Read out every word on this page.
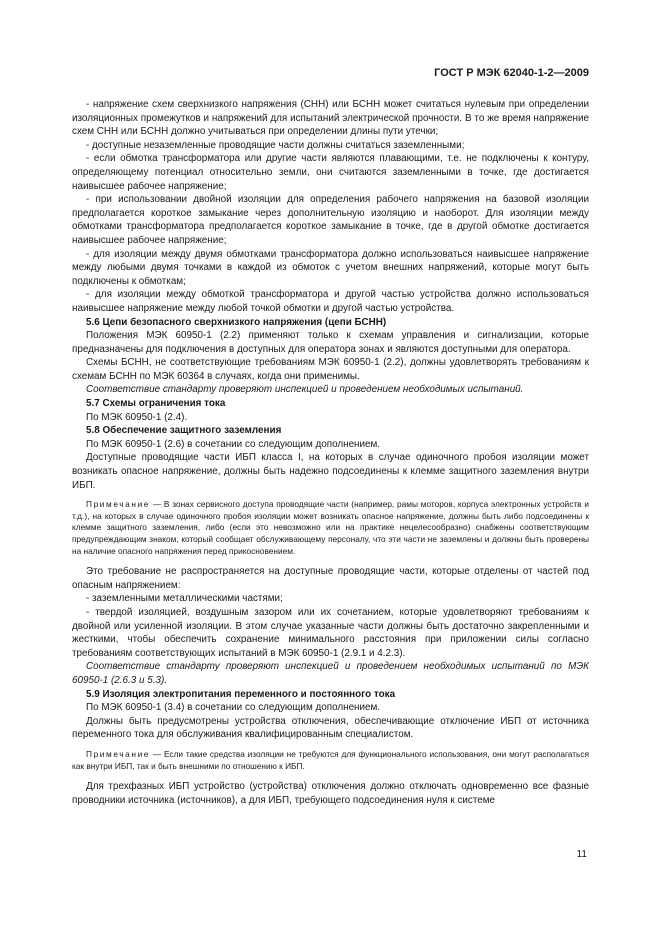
ГОСТ Р МЭК 62040-1-2—2009

- напряжение схем сверхнизкого напряжения (СНН) или БСНН может считаться нулевым при определении изоляционных промежутков и напряжений для испытаний электрической прочности. В то же время напряжение схем СНН или БСНН должно учитываться при определении длины пути утечки;

- доступные незаземленные проводящие части должны считаться заземленными;

- если обмотка трансформатора или другие части являются плавающими, т.е. не подключены к контуру, определяющему потенциал относительно земли, они считаются заземленными в точке, где достигается наивысшее рабочее напряжение;

- при использовании двойной изоляции для определения рабочего напряжения на базовой изоляции предполагается короткое замыкание через дополнительную изоляцию и наоборот. Для изоляции между обмотками трансформатора предполагается короткое замыкание в точке, где в другой обмотке достигается наивысшее рабочее напряжение;

- для изоляции между двумя обмотками трансформатора должно использоваться наивысшее напряжение между любыми двумя точками в каждой из обмоток с учетом внешних напряжений, которые могут быть подключены к обмоткам;

- для изоляции между обмоткой трансформатора и другой частью устройства должно использоваться наивысшее напряжение между любой точкой обмотки и другой частью устройства.

5.6 Цепи безопасного сверхнизкого напряжения (цепи БСНН)

Положения МЭК 60950-1 (2.2) применяют только к схемам управления и сигнализации, которые предназначены для подключения в доступных для оператора зонах и являются доступными для оператора.

Схемы БСНН, не соответствующие требованиям МЭК 60950-1 (2.2), должны удовлетворять требованиям к схемам БСНН по МЭК 60364 в случаях, когда они применимы.

Соответствие стандарту проверяют инспекцией и проведением необходимых испытаний.

5.7 Схемы ограничения тока

По МЭК 60950-1 (2.4).

5.8 Обеспечение защитного заземления

По МЭК 60950-1 (2.6) в сочетании со следующим дополнением.

Доступные проводящие части ИБП класса I, на которых в случае одиночного пробоя изоляции может возникать опасное напряжение, должны быть надежно подсоединены к клемме защитного заземления внутри ИБП.

Примечание — В зонах сервисного доступа проводящие части (например, рамы моторов, корпуса электронных устройств и т.д.), на которых в случае одиночного пробоя изоляции может возникать опасное напряжение, должны быть либо подсоединены к клемме защитного заземления, либо (если это невозможно или на практике нецелесообразно) снабжены соответствующим предупреждающим знаком, который сообщает обслуживающему персоналу, что эти части не заземлены и должны быть проверены на наличие опасного напряжения перед прикосновением.

Это требование не распространяется на доступные проводящие части, которые отделены от частей под опасным напряжением:

- заземленными металлическими частями;

- твердой изоляцией, воздушным зазором или их сочетанием, которые удовлетворяют требованиям к двойной или усиленной изоляции. В этом случае указанные части должны быть достаточно закрепленными и жесткими, чтобы обеспечить сохранение минимального расстояния при приложении силы согласно требованиям соответствующих испытаний в МЭК 60950-1 (2.9.1 и 4.2.3).

Соответствие стандарту проверяют инспекцией и проведением необходимых испытаний по МЭК 60950-1 (2.6.3 и 5.3).

5.9 Изоляция электропитания переменного и постоянного тока

По МЭК 60950-1 (3.4) в сочетании со следующим дополнением.

Должны быть предусмотрены устройства отключения, обеспечивающие отключение ИБП от источника переменного тока для обслуживания квалифицированным специалистом.

Примечание — Если такие средства изоляции не требуются для функционального использования, они могут располагаться как внутри ИБП, так и быть внешними по отношению к ИБП.

Для трехфазных ИБП устройство (устройства) отключения должно отключать одновременно все фазные проводники источника (источников), а для ИБП, требующего подсоединения нуля к системе

11
